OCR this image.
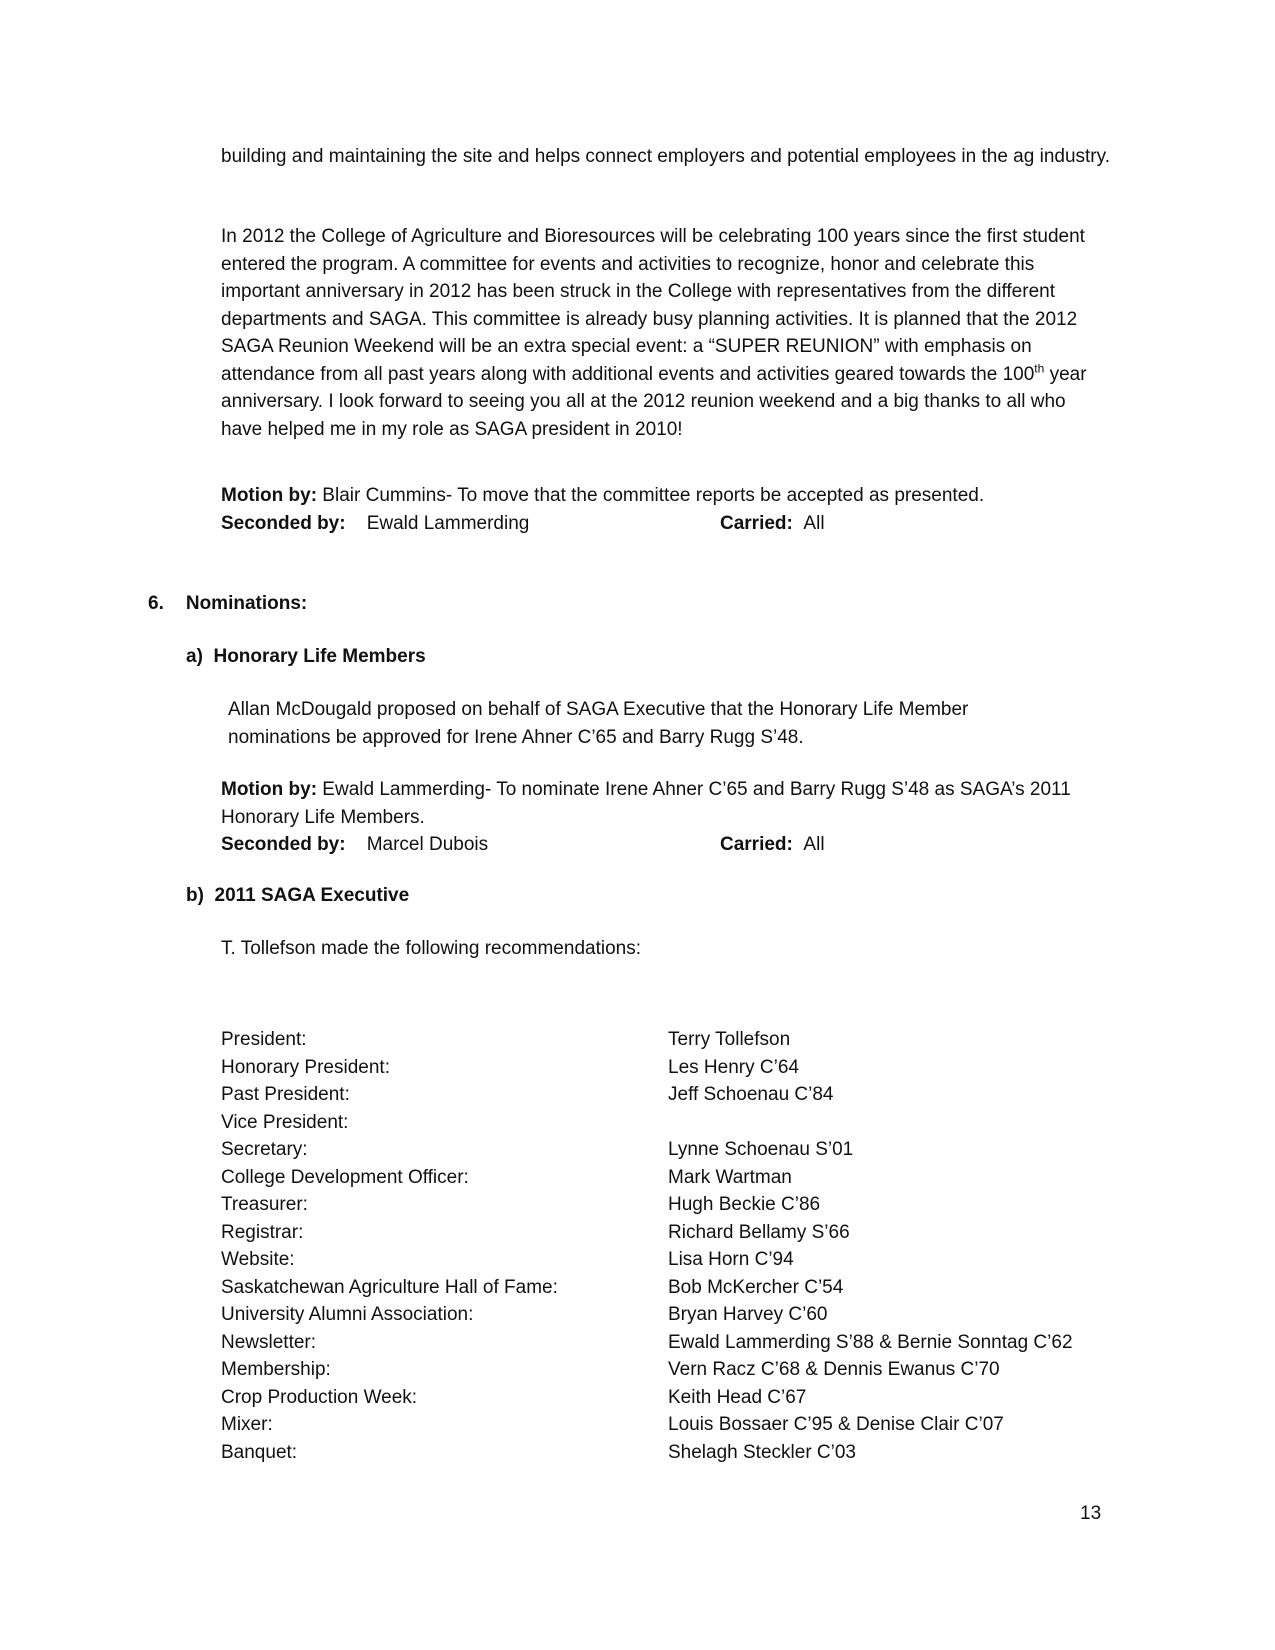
building and maintaining the site and helps connect employers and potential employees in the ag industry.

In 2012 the College of Agriculture and Bioresources will be celebrating 100 years since the first student entered the program. A committee for events and activities to recognize, honor and celebrate this important anniversary in 2012 has been struck in the College with representatives from the different departments and SAGA. This committee is already busy planning activities. It is planned that the 2012 SAGA Reunion Weekend will be an extra special event: a “SUPER REUNION” with emphasis on attendance from all past years along with additional events and activities geared towards the 100th year anniversary. I look forward to seeing you all at the 2012 reunion weekend and a big thanks to all who have helped me in my role as SAGA president in 2010!

Motion by: Blair Cummins- To move that the committee reports be accepted as presented.
Seconded by: Ewald Lammerding	Carried: All
6. Nominations:
a) Honorary Life Members

Allan McDougald proposed on behalf of SAGA Executive that the Honorary Life Member nominations be approved for Irene Ahner C’65 and Barry Rugg S’48.

Motion by: Ewald Lammerding- To nominate Irene Ahner C’65 and Barry Rugg S’48 as SAGA’s 2011 Honorary Life Members.

Seconded by: Marcel Dubois	Carried: All
b) 2011 SAGA Executive

T. Tollefson made the following recommendations:

President:	Terry Tollefson
Honorary President:	Les Henry C’64
Past President:	Jeff Schoenau C’84
Vice President:
Secretary:	Lynne Schoenau S’01
College Development Officer:	Mark Wartman
Treasurer:	Hugh Beckie C’86
Registrar:	Richard Bellamy S’66
Website:	Lisa Horn C’94
Saskatchewan Agriculture Hall of Fame:	Bob McKercher C’54
University Alumni Association:	Bryan Harvey C’60
Newsletter:	Ewald Lammerding S’88 & Bernie Sonntag C’62
Membership:	Vern Racz C’68 & Dennis Ewanus C’70
Crop Production Week:	Keith Head C’67
Mixer:	Louis Bossaer C’95 & Denise Clair C’07
Banquet:	Shelagh Steckler C’03
13
